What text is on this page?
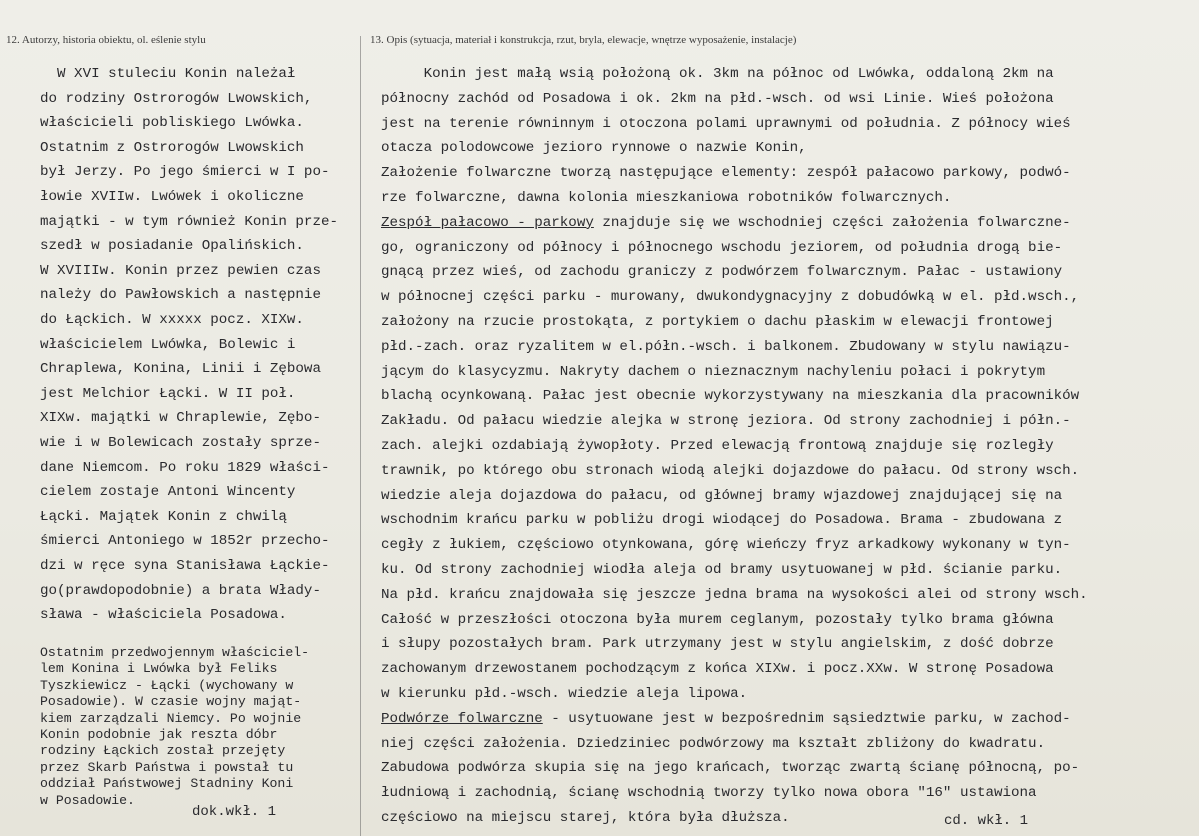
12. Autorzy, historia obiektu, ol. eślenie stylu	13. Opis (sytuacja, materiał i konstrukcja, rzut, bryla, elewacje, wnętrze wyposażenie, instalacje)
W XVI stuleciu Konin należał
do rodziny Ostrorogów Lwowskich,
właścicieli pobliskiego Lwówka.
Ostatnim z Ostrorogów Lwowskich
był Jerzy. Po jego śmierci w I po-
łowie XVIIw. Lwówek i okoliczne
majątki - w tym również Konin prze-
szedł w posiadanie Opalińskich.
W XVIIIw. Konin przez pewien czas
należy do Pawłowskich a następnie
do Łąckich. W xxxxx pocz. XIXw.
właścicielem Lwówka, Bolewic i
Chraplewa, Konina, Linii i Zębowa
jest Melchior Łącki. W II poł.
XIXw. majątki w Chraplewie, Zębo-
wie i w Bolewicach zostały sprze-
dane Niemcom. Po roku 1829 właści-
cielem zostaje Antoni Wincenty
Łącki. Majątek Konin z chwilą
śmierci Antoniego w 1852r przecho-
dzi w ręce syna Stanisława Łąckie-
go(prawdopodobnie) a brata Włady-
sława - właściciela Posadowa.
Ostatnim przedwojennym właściciel-
lem Konina i Lwówka był Feliks
Tyszkiewicz - Łącki (wychowany w
Posadowie). W czasie wojny mająt-
kiem zarządzali Niemcy. Po wojnie
Konin podobnie jak reszta dóbr
rodziny Łąckich został przejęty
przez Skarb Państwa i powstał tu
oddział Państwowej Stadniny Koni
w Posadowie.
Konin jest małą wsią położoną ok. 3km na północ od Lwówka, oddaloną 2km na
północny zachód od Posadowa i ok. 2km na płd.-wsch. od wsi Linie. Wieś położona
jest na terenie równinnym i otoczona polami uprawnymi od południa. Z północy wieś
otacza polodowcowe jezioro rynnowe o nazwie Konin,
Założenie folwarczne tworzą następujące elementy: zespół pałacowo parkowy, podwó-
rze folwarczne, dawna kolonia mieszkaniowa robotników folwarcznych.
Zespół pałacowo - parkowy znajduje się we wschodniej części założenia folwarczne-
go, ograniczony od północy i północnego wschodu jeziorem, od południa drogą bie-
gnącą przez wieś, od zachodu graniczy z podwórzem folwarcznym. Pałac - ustawiony
w północnej części parku - murowany, dwukondygnacyjny z dobudówką w el. płd.wsch.,
założony na rzucie prostokąta, z portykiem o dachu płaskim w elewacji frontowej
płd.-zach. oraz ryzalitem w el.półn.-wsch. i balkonem. Zbudowany w stylu nawiązu-
jącym do klasycyzmu. Nakryty dachem o nieznacznym nachyleniu połaci i pokrytym
blachą ocynkowaną. Pałac jest obecnie wykorzystywany na mieszkania dla pracowników
Zakładu. Od pałacu wiedzie alejka w stronę jeziora. Od strony zachodniej i półn.-
zach. alejki ozdabiają żywopłoty. Przed elewacją frontową znajduje się rozległy
trawnik, po którego obu stronach wiodą alejki dojazdowe do pałacu. Od strony wsch.
wiedzie aleja dojazdowa do pałacu, od głównej bramy wjazdowej znajdującej się na
wschodnim krańcu parku w pobliżu drogi wiodącej do Posadowa. Brama - zbudowana z
cegły z łukiem, częściowo otynkowana, górę wieńczy fryz arkadkowy wykonany w tyn-
ku. Od strony zachodniej wiodła aleja od bramy usytuowanej w płd. ścianie parku.
Na płd. krańcu znajdowała się jeszcze jedna brama na wysokości alei od strony wsch.
Całość w przeszłości otoczona była murem ceglanym, pozostały tylko brama główna
i słupy pozostałych bram. Park utrzymany jest w stylu angielskim, z dość dobrze
zachowanym drzewostanem pochodzącym z końca XIXw. i pocz.XXw. W stronę Posadowa
w kierunku płd.-wsch. wiedzie aleja lipowa.
Podwórze folwarczne - usytuowane jest w bezpośrednim sąsiedztwie parku, w zachod-
niej części założenia. Dziedziniec podwórzowy ma kształt zbliżony do kwadratu.
Zabudowa podwórza skupia się na jego krańcach, tworząc zwartą ścianę północną, po-
łudniową i zachodnią, ścianę wschodnią tworzy tylko nowa obora "16" ustawiona
częściowo na miejscu starej, która była dłuższa.
dok.wkł. 1
cd. wkł. 1
